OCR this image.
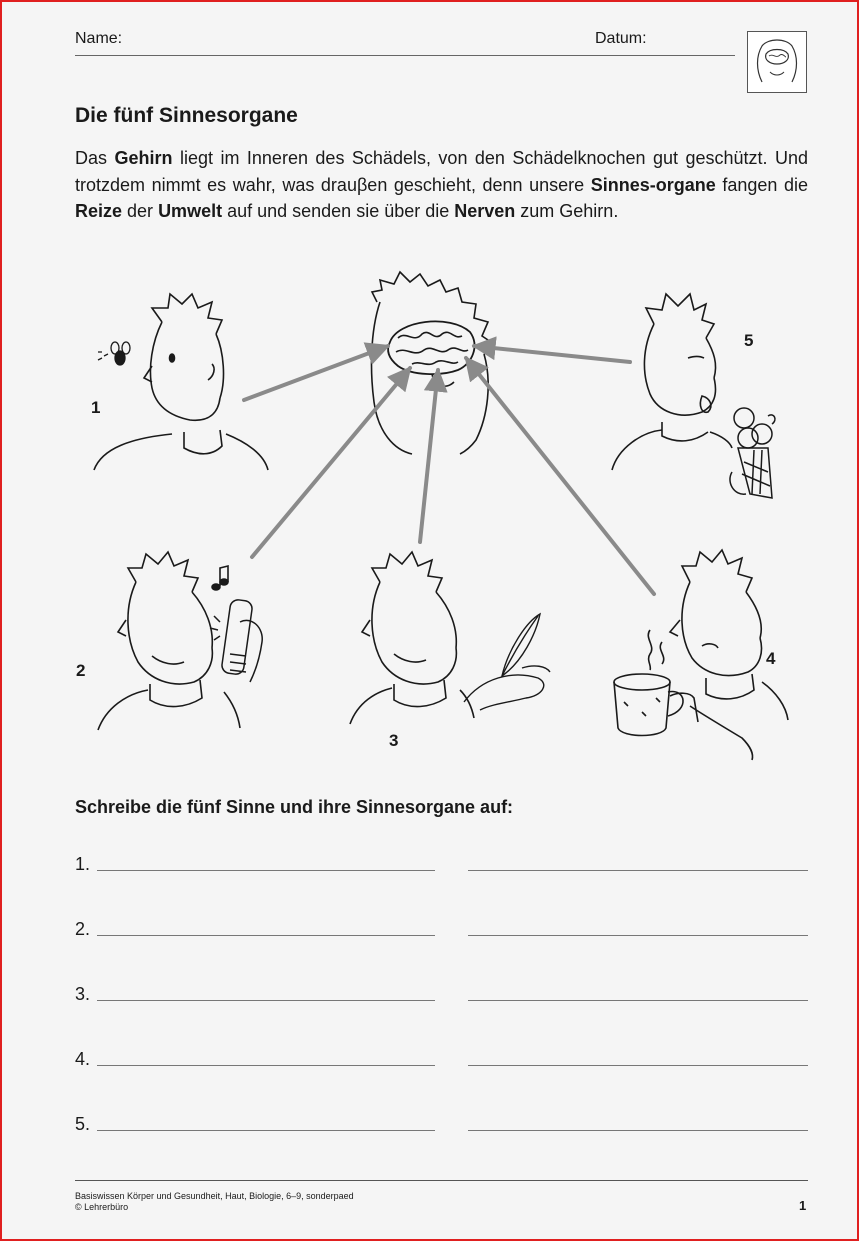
Name:	Datum:
Die fünf Sinnesorgane
Das Gehirn liegt im Inneren des Schädels, von den Schädelknochen gut geschützt. Und trotzdem nimmt es wahr, was drauβen geschieht, denn unsere Sinnes-organe fangen die Reize der Umwelt auf und senden sie über die Nerven zum Gehirn.
1
2
3
4
5
Schreibe die fünf Sinne und ihre Sinnesorgane auf:
1.
2.
3.
4.
5.
Basiswissen Körper und Gesundheit, Haut, Biologie, 6–9, sonderpaed
© Lehrerbüro	1
